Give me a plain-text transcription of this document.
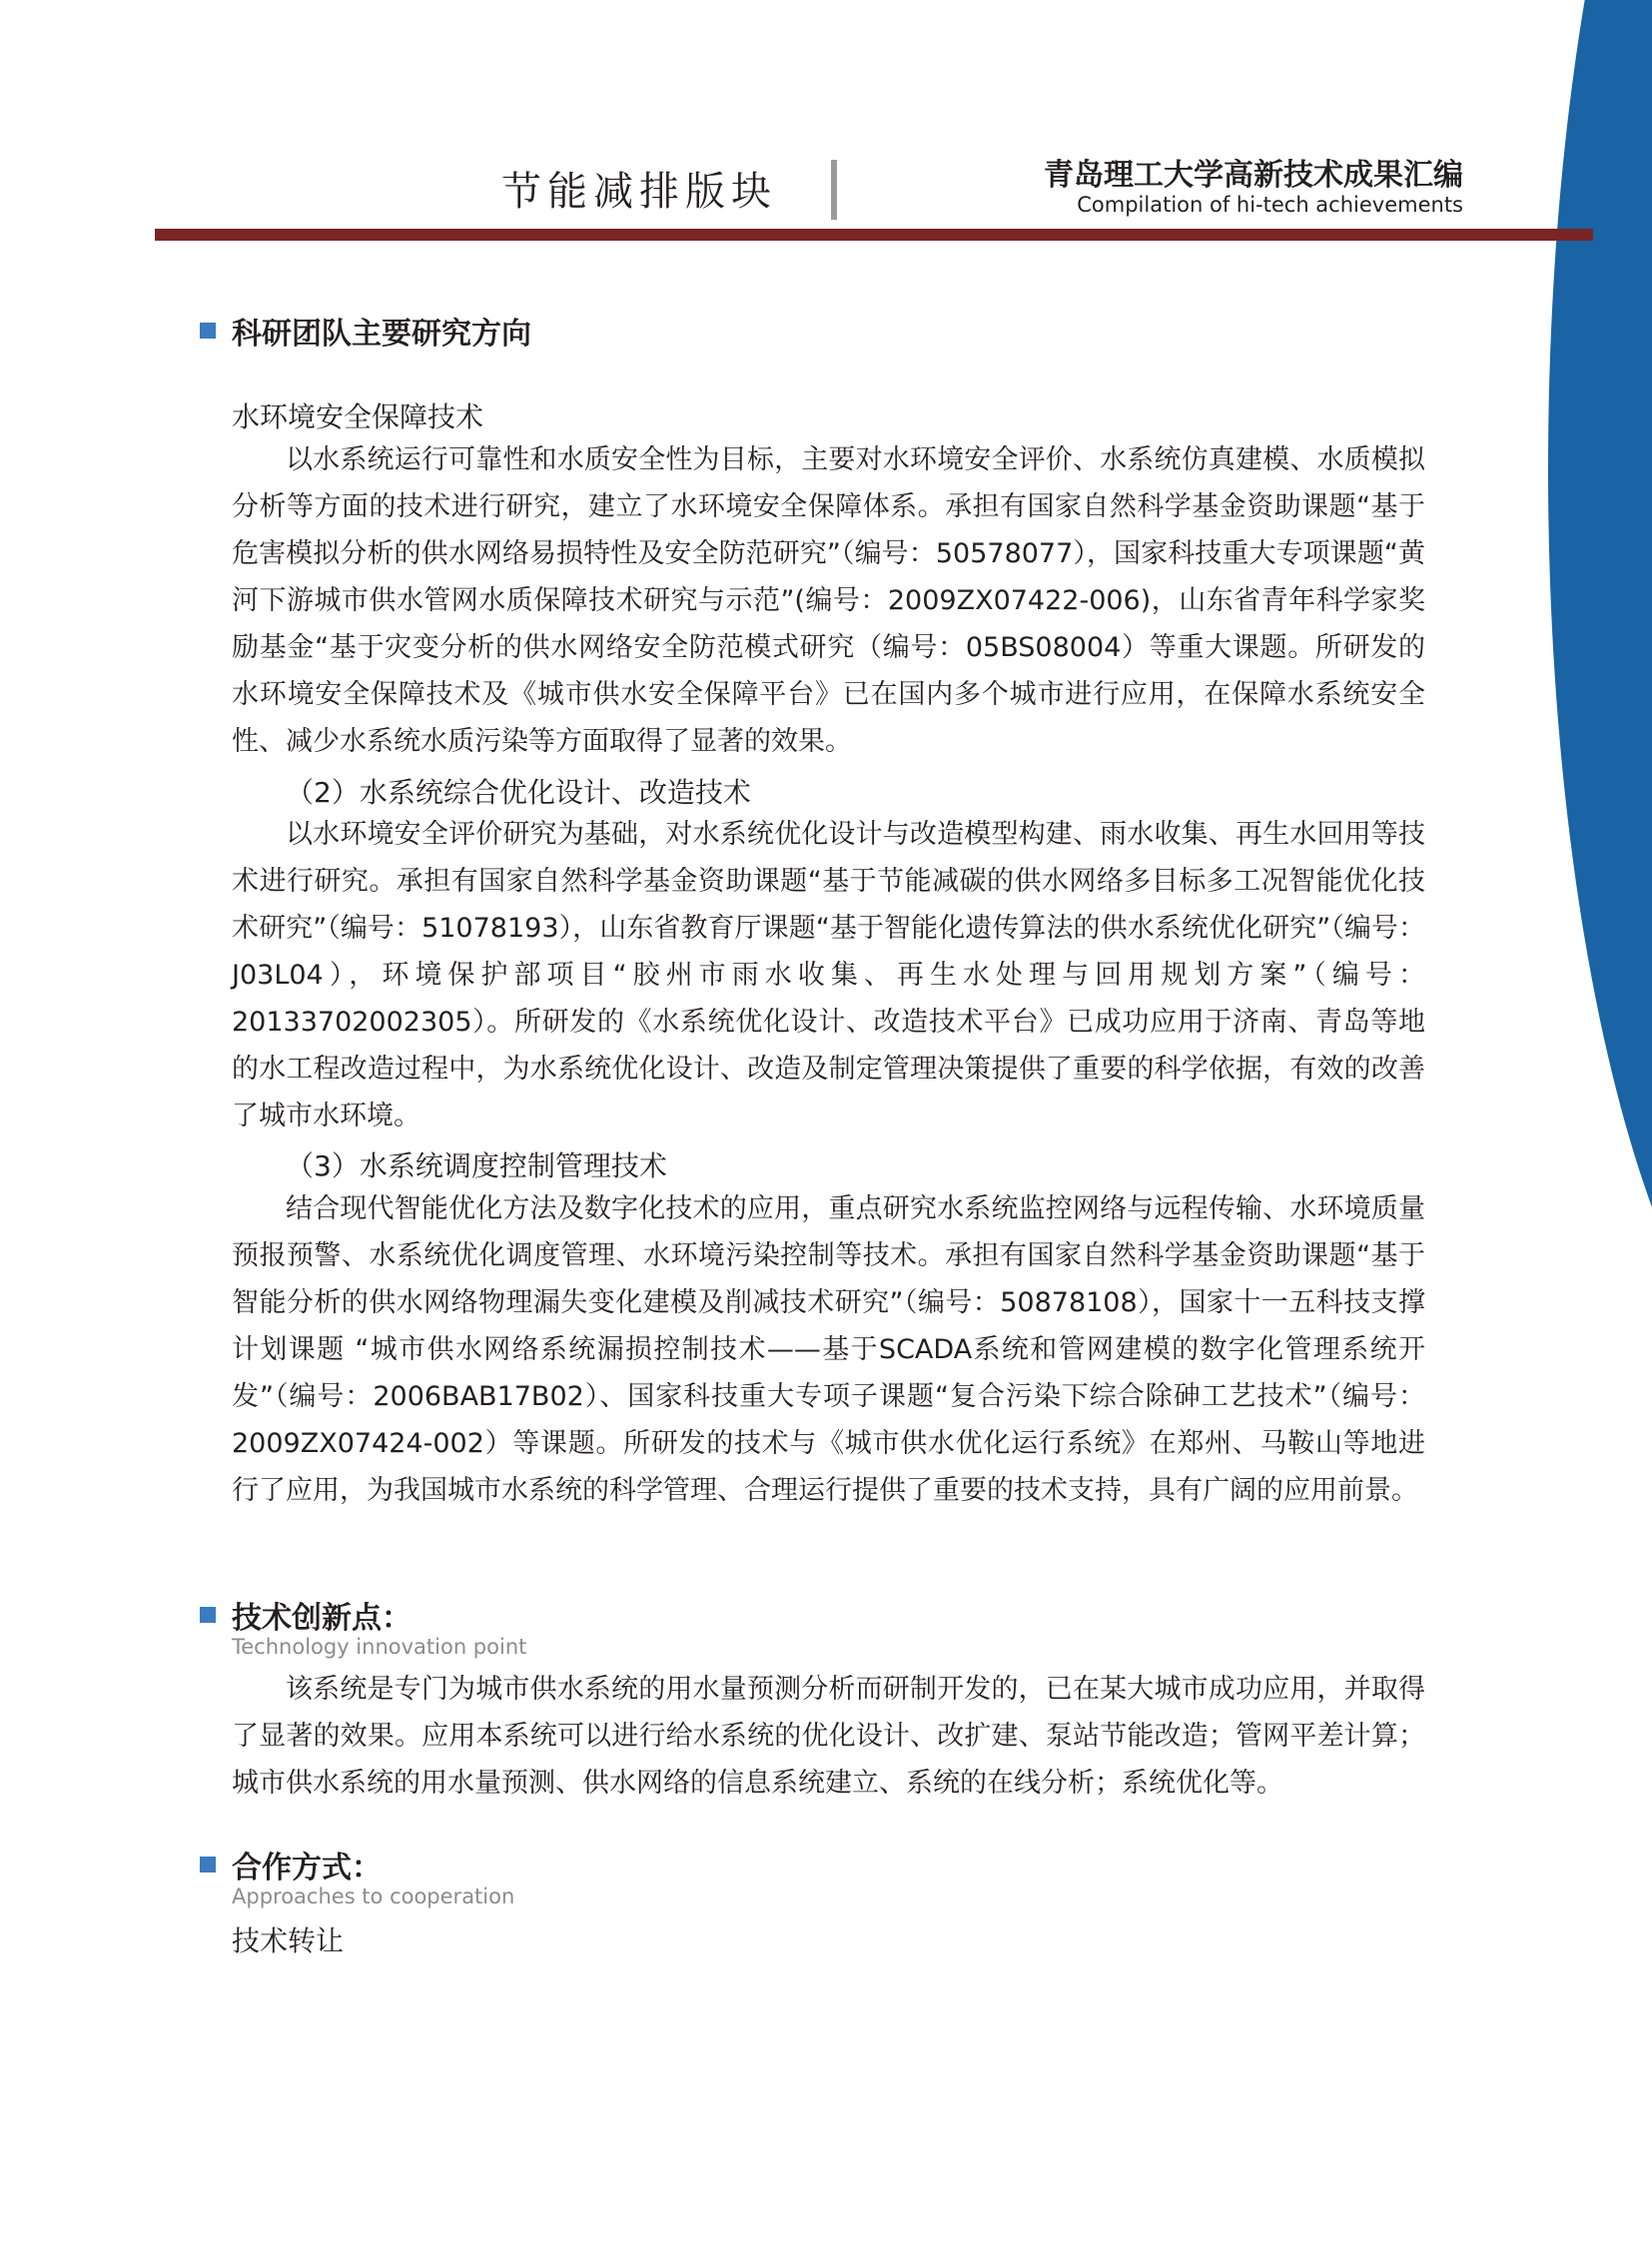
节能减排版块	青岛理工大学高新技术成果汇编
Compilation of hi-tech achievements
科研团队主要研究方向
水环境安全保障技术

以水系统运行可靠性和水质安全性为目标，主要对水环境安全评价、水系统仿真建模、水质模拟分析等方面的技术进行研究，建立了水环境安全保障体系。承担有国家自然科学基金资助课题“基于危害模拟分析的供水网络易损特性及安全防范研究”（编号：50578077），国家科技重大专项课题“黄河下游城市供水管网水质保障技术研究与示范”(编号：2009ZX07422-006)，山东省青年科学家奖励基金“基于灾变分析的供水网络安全防范模式研究（编号：05BS08004）等重大课题。所研发的水环境安全保障技术及《城市供水安全保障平台》已在国内多个城市进行应用，在保障水系统安全性、减少水系统水质污染等方面取得了显著的效果。

（2）水系统综合优化设计、改造技术

以水环境安全评价研究为基础，对水系统优化设计与改造模型构建、雨水收集、再生水回用等技术进行研究。承担有国家自然科学基金资助课题“基于节能减碳的供水网络多目标多工况智能优化技术研究”（编号：51078193），山东省教育厅课题“基于智能化遗传算法的供水系统优化研究”（编号：J03L04），环境保护部项目“胶州市雨水收集、再生水处理与回用规划方案”（编号：20133702002305）。所研发的《水系统优化设计、改造技术平台》已成功应用于济南、青岛等地的水工程改造过程中，为水系统优化设计、改造及制定管理决策提供了重要的科学依据，有效的改善了城市水环境。

（3）水系统调度控制管理技术

结合现代智能优化方法及数字化技术的应用，重点研究水系统监控网络与远程传输、水环境质量预报预警、水系统优化调度管理、水环境污染控制等技术。承担有国家自然科学基金资助课题“基于智能分析的供水网络物理漏失变化建模及削减技术研究”（编号：50878108），国家十一五科技支撑计划课题 “城市供水网络系统漏损控制技术——基于SCADA系统和管网建模的数字化管理系统开发”（编号：2006BAB17B02）、国家科技重大专项子课题“复合污染下综合除砷工艺技术”（编号：2009ZX07424-002）等课题。所研发的技术与《城市供水优化运行系统》在郑州、马鞍山等地进行了应用，为我国城市水系统的科学管理、合理运行提供了重要的技术支持，具有广阔的应用前景。

技术创新点：
Technology innovation point

该系统是专门为城市供水系统的用水量预测分析而研制开发的，已在某大城市成功应用，并取得了显著的效果。应用本系统可以进行给水系统的优化设计、改扩建、泵站节能改造；管网平差计算；城市供水系统的用水量预测、供水网络的信息系统建立、系统的在线分析；系统优化等。

合作方式：
Approaches to cooperation
技术转让
